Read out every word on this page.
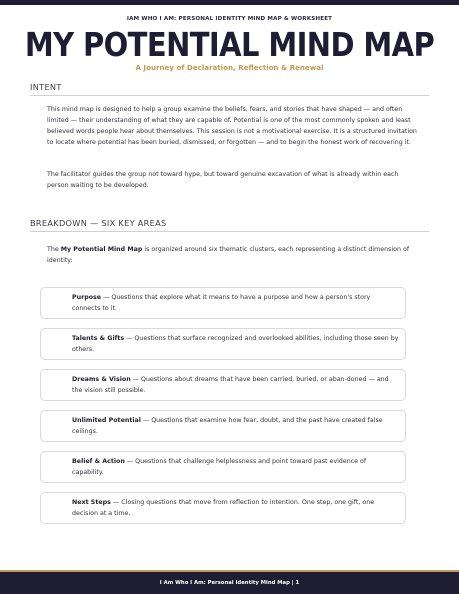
IAM WHO I AM: PERSONAL IDENTITY MIND MAP & WORKSHEET
MY POTENTIAL MIND MAP
A Journey of Declaration, Reflection & Renewal
INTENT

This mind map is designed to help a group examine the beliefs, fears, and stories that have shaped — and often limited — their understanding of what they are capable of. Potential is one of the most commonly spoken and least believed words people hear about themselves. This session is not a motivational exercise. It is a structured invitation to locate where potential has been buried, dismissed, or forgotten — and to begin the honest work of recovering it.

The facilitator guides the group not toward hype, but toward genuine excavation of what is already within each person waiting to be developed.

BREAKDOWN — SIX KEY AREAS

The My Potential Mind Map is organized around six thematic clusters, each representing a distinct dimension of identity:

Purpose — Questions that explore what it means to have a purpose and how a person's story connects to it.
Talents & Gifts — Questions that surface recognized and overlooked abilities, including those seen by others.
Dreams & Vision — Questions about dreams that have been carried, buried, or aban-doned — and the vision still possible.
Unlimited Potential — Questions that examine how fear, doubt, and the past have created false ceilings.
Belief & Action — Questions that challenge helplessness and point toward past evidence of capability.
Next Steps — Closing questions that move from reflection to intention. One step, one gift, one decision at a time.
I Am Who I Am: Personal Identity Mind Map | 1
